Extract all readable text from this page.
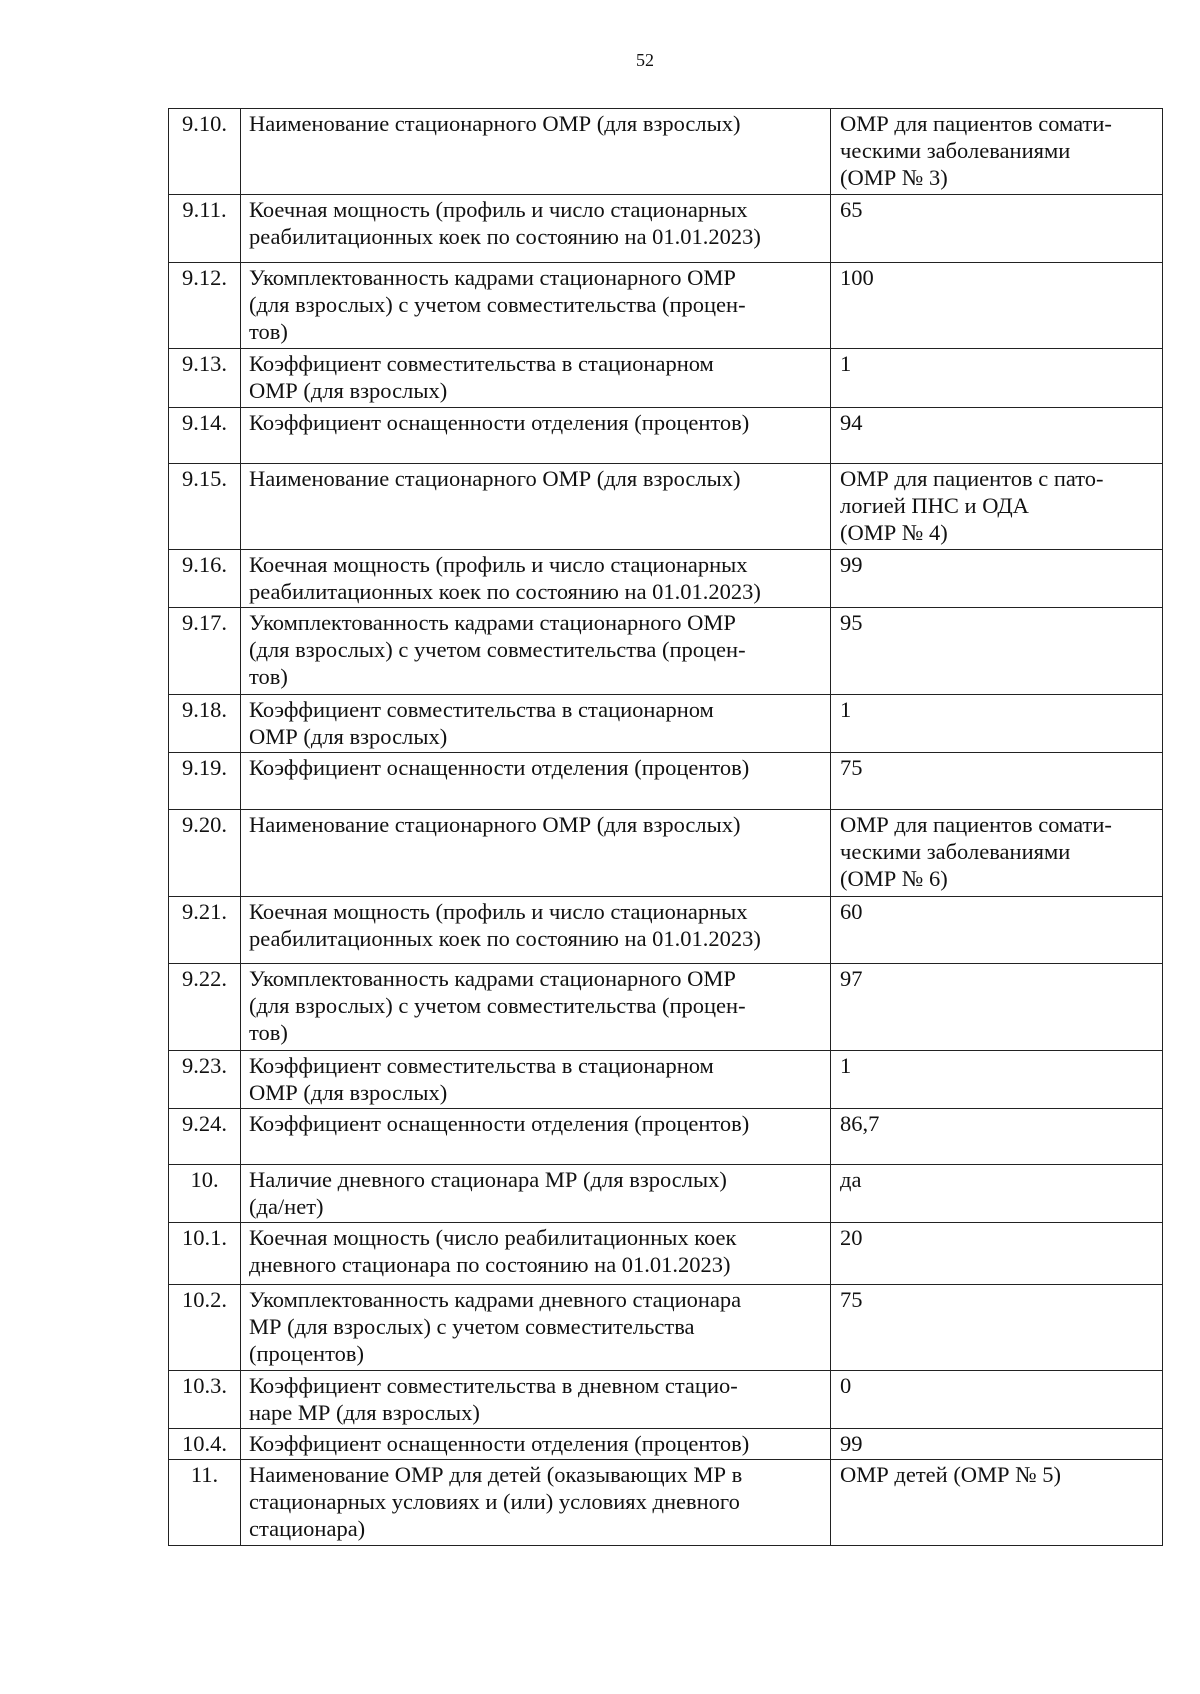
52
9.10.	Наименование стационарного ОМР (для взрослых)	ОМР для пациентов сомати-
ческими заболеваниями
(ОМР № 3)
9.11.	Коечная мощность (профиль и число стационарных
реабилитационных коек по состоянию на 01.01.2023)	65
9.12.	Укомплектованность кадрами стационарного ОМР
(для взрослых) с учетом совместительства (процен-
тов)	100
9.13.	Коэффициент совместительства в стационарном
ОМР (для взрослых)	1
9.14.	Коэффициент оснащенности отделения (процентов)	94
9.15.	Наименование стационарного ОМР (для взрослых)	ОМР для пациентов с пато-
логией ПНС и ОДА
(ОМР № 4)
9.16.	Коечная мощность (профиль и число стационарных
реабилитационных коек по состоянию на 01.01.2023)	99
9.17.	Укомплектованность кадрами стационарного ОМР
(для взрослых) с учетом совместительства (процен-
тов)	95
9.18.	Коэффициент совместительства в стационарном
ОМР (для взрослых)	1
9.19.	Коэффициент оснащенности отделения (процентов)	75
9.20.	Наименование стационарного ОМР (для взрослых)	ОМР для пациентов сомати-
ческими заболеваниями
(ОМР № 6)
9.21.	Коечная мощность (профиль и число стационарных
реабилитационных коек по состоянию на 01.01.2023)	60
9.22.	Укомплектованность кадрами стационарного ОМР
(для взрослых) с учетом совместительства (процен-
тов)	97
9.23.	Коэффициент совместительства в стационарном
ОМР (для взрослых)	1
9.24.	Коэффициент оснащенности отделения (процентов)	86,7
10.	Наличие дневного стационара МР (для взрослых)
(да/нет)	да
10.1.	Коечная мощность (число реабилитационных коек
дневного стационара по состоянию на 01.01.2023)	20
10.2.	Укомплектованность кадрами дневного стационара
МР (для взрослых) с учетом совместительства
(процентов)	75
10.3.	Коэффициент совместительства в дневном стацио-
наре МР (для взрослых)	0
10.4.	Коэффициент оснащенности отделения (процентов)	99
11.	Наименование ОМР для детей (оказывающих МР в
стационарных условиях и (или) условиях дневного
стационара)	ОМР детей (ОМР № 5)
